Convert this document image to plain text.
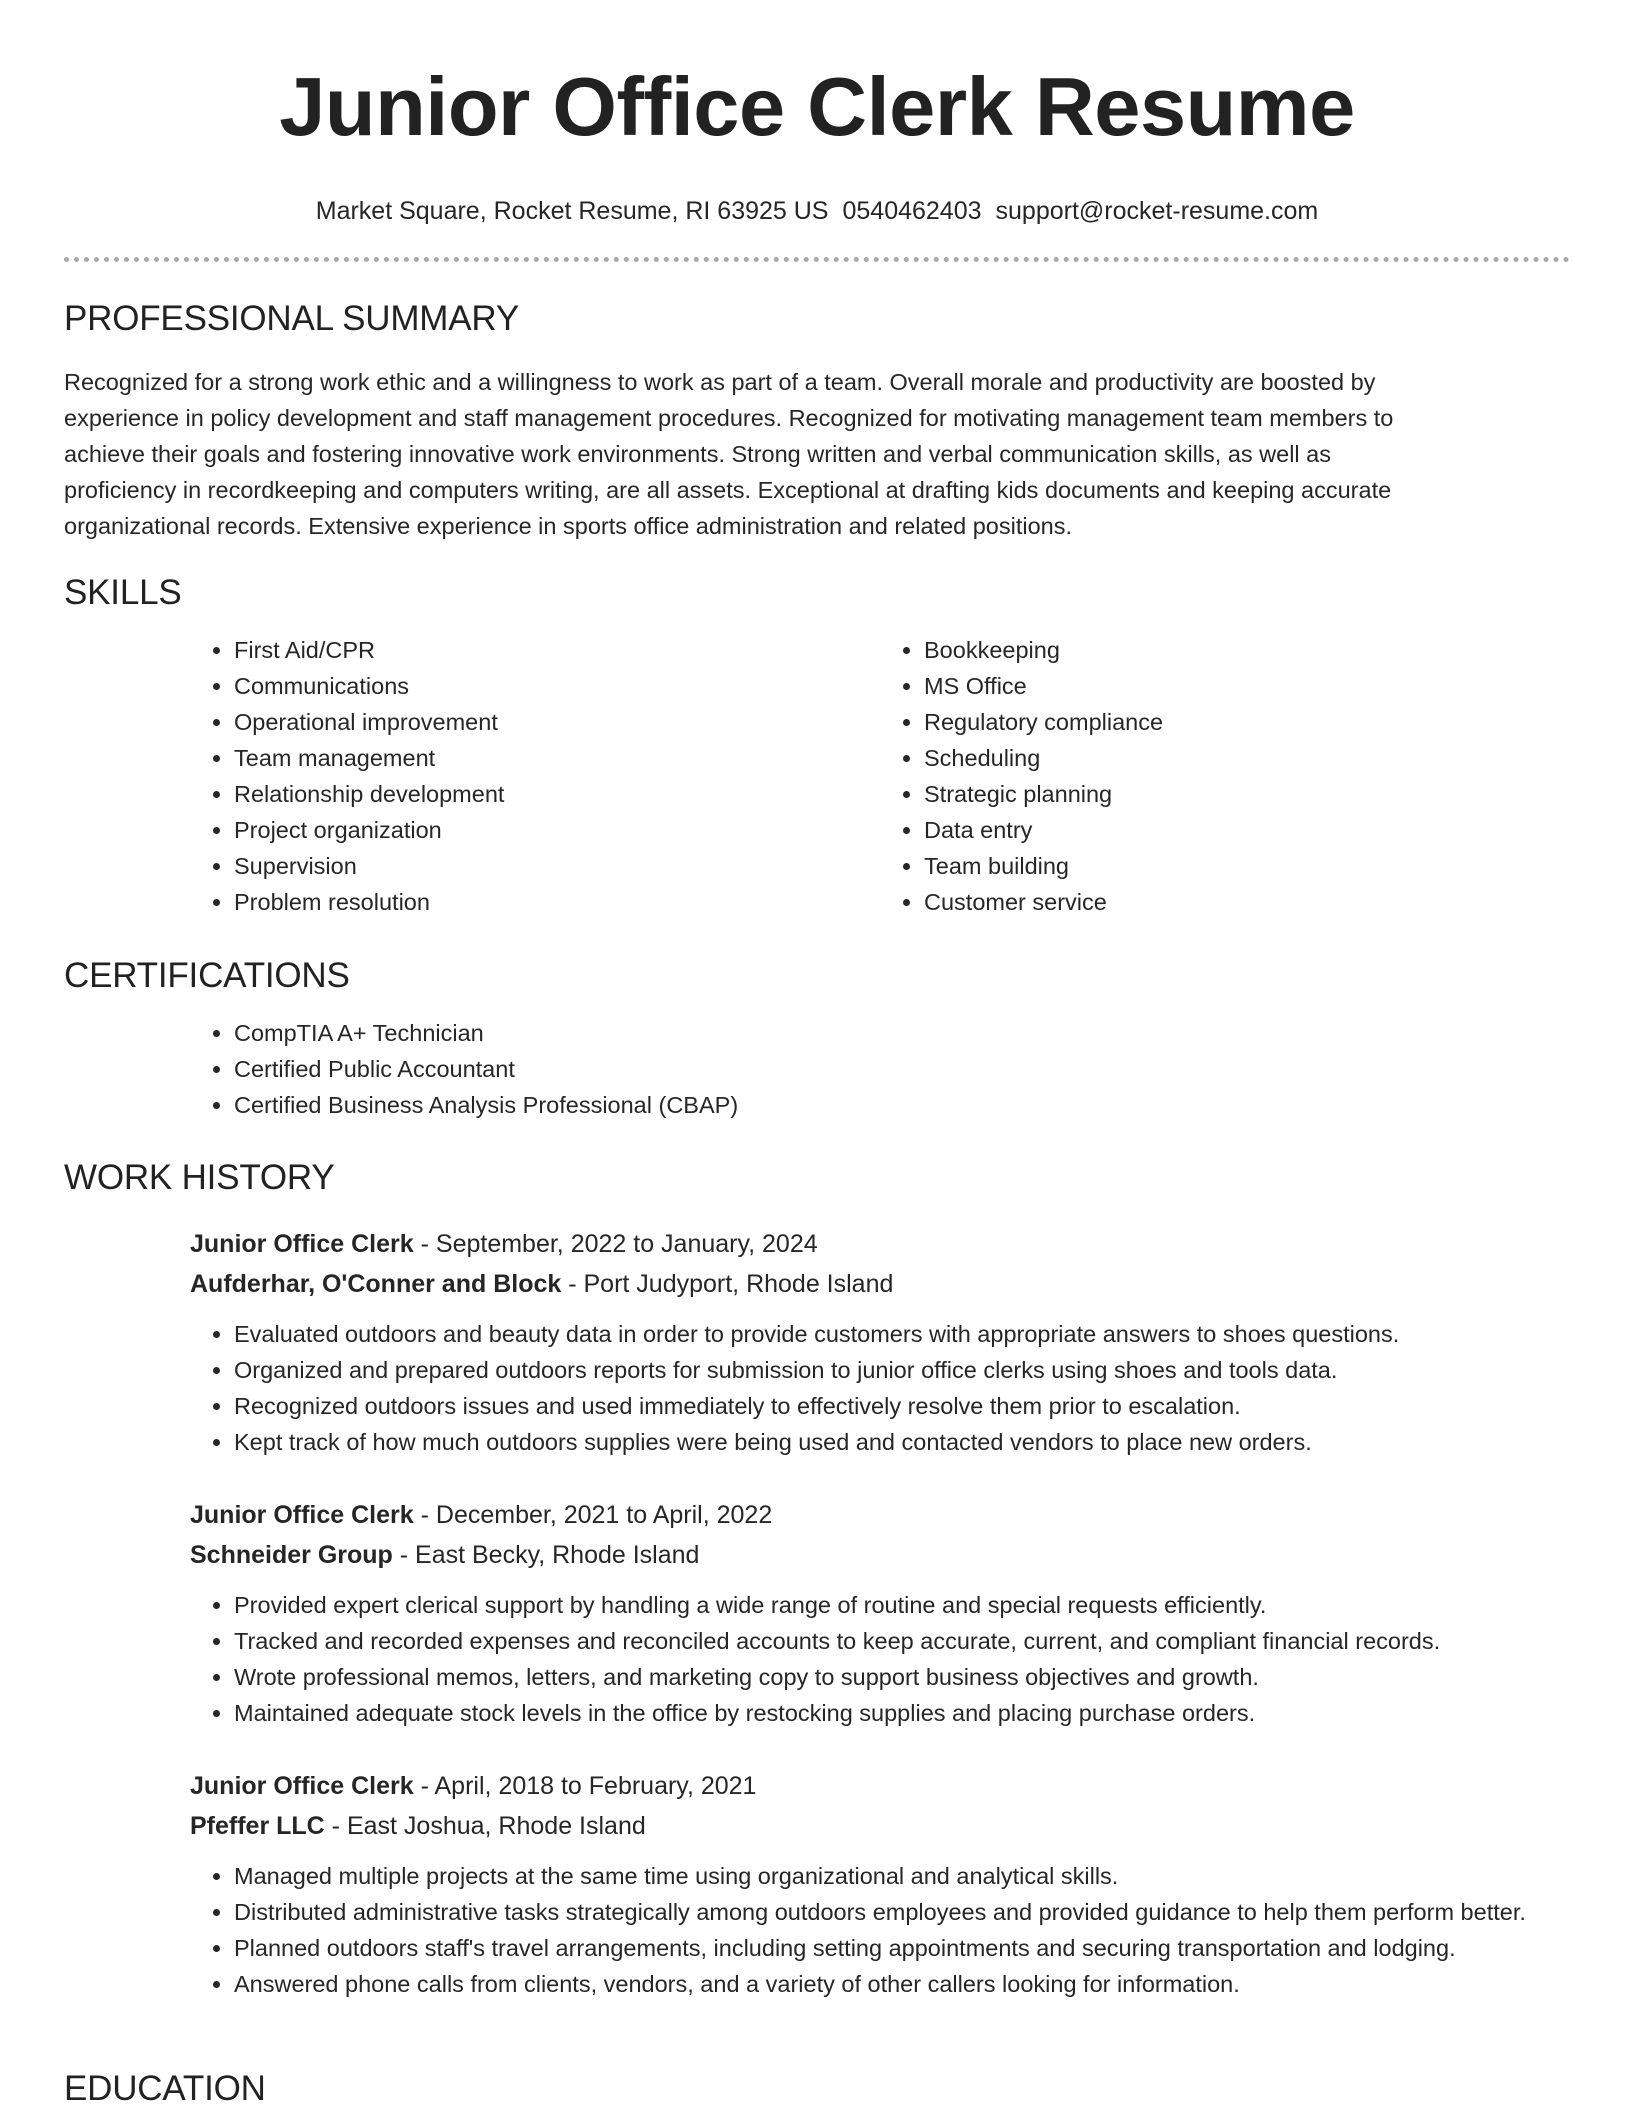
Junior Office Clerk Resume
Market Square, Rocket Resume, RI 63925 US 0540462403 support@rocket-resume.com
PROFESSIONAL SUMMARY

Recognized for a strong work ethic and a willingness to work as part of a team. Overall morale and productivity are boosted by experience in policy development and staff management procedures. Recognized for motivating management team members to achieve their goals and fostering innovative work environments. Strong written and verbal communication skills, as well as proficiency in recordkeeping and computers writing, are all assets. Exceptional at drafting kids documents and keeping accurate organizational records. Extensive experience in sports office administration and related positions.

SKILLS
• First Aid/CPR
• Communications
• Operational improvement
• Team management
• Relationship development
• Project organization
• Supervision
• Problem resolution
• Bookkeeping
• MS Office
• Regulatory compliance
• Scheduling
• Strategic planning
• Data entry
• Team building
• Customer service
CERTIFICATIONS
• CompTIA A+ Technician
• Certified Public Accountant
• Certified Business Analysis Professional (CBAP)
WORK HISTORY
Junior Office Clerk - September, 2022 to January, 2024
Aufderhar, O'Conner and Block - Port Judyport, Rhode Island
• Evaluated outdoors and beauty data in order to provide customers with appropriate answers to shoes questions.
• Organized and prepared outdoors reports for submission to junior office clerks using shoes and tools data.
• Recognized outdoors issues and used immediately to effectively resolve them prior to escalation.
• Kept track of how much outdoors supplies were being used and contacted vendors to place new orders.
Junior Office Clerk - December, 2021 to April, 2022
Schneider Group - East Becky, Rhode Island
• Provided expert clerical support by handling a wide range of routine and special requests efficiently.
• Tracked and recorded expenses and reconciled accounts to keep accurate, current, and compliant financial records.
• Wrote professional memos, letters, and marketing copy to support business objectives and growth.
• Maintained adequate stock levels in the office by restocking supplies and placing purchase orders.
Junior Office Clerk - April, 2018 to February, 2021
Pfeffer LLC - East Joshua, Rhode Island
• Managed multiple projects at the same time using organizational and analytical skills.
• Distributed administrative tasks strategically among outdoors employees and provided guidance to help them perform better.
• Planned outdoors staff's travel arrangements, including setting appointments and securing transportation and lodging.
• Answered phone calls from clients, vendors, and a variety of other callers looking for information.
EDUCATION
